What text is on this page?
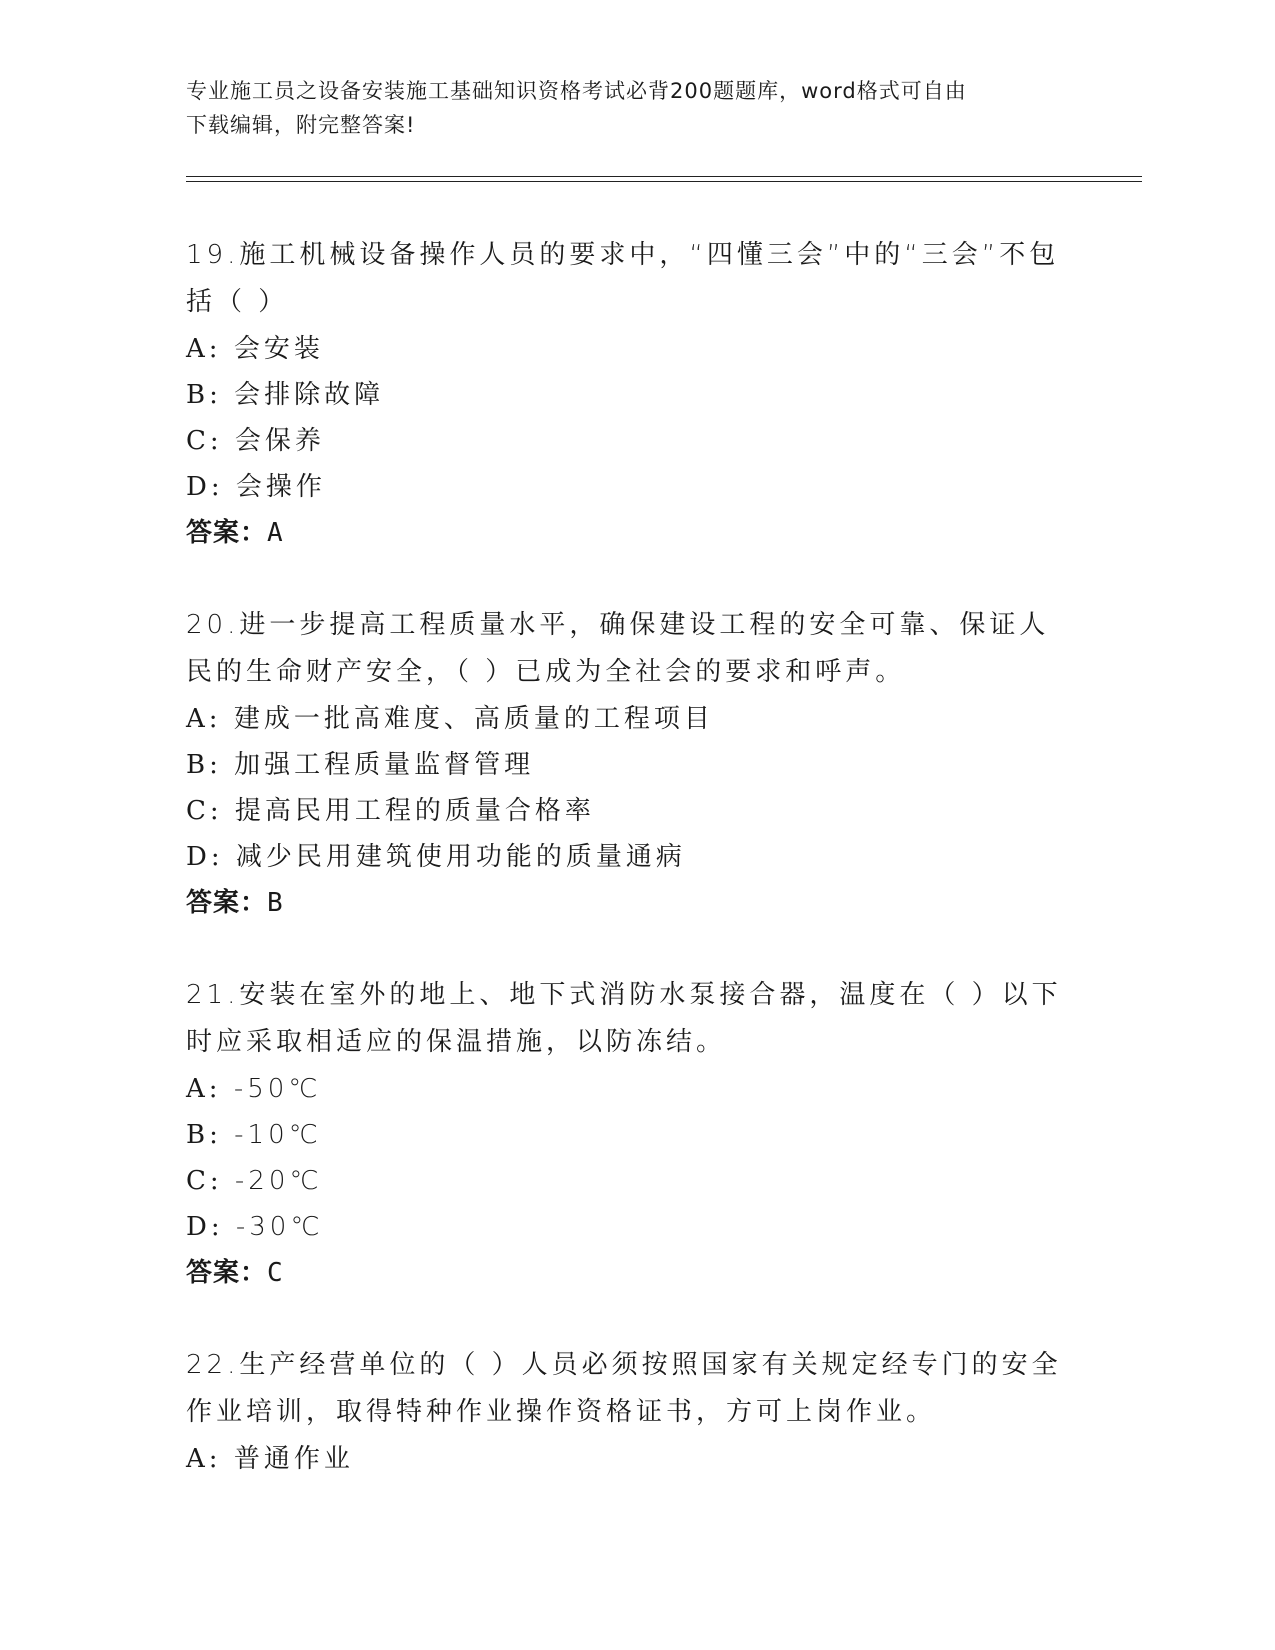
专业施工员之设备安装施工基础知识资格考试必背200题题库，word格式可自由
下载编辑，附完整答案!
19.施工机械设备操作人员的要求中，“四懂三会”中的“三会”不包括（ ）
A: 会安装
B: 会排除故障
C: 会保养
D: 会操作
答案：A
20.进一步提高工程质量水平，确保建设工程的安全可靠、保证人民的生命财产安全，（ ）已成为全社会的要求和呼声。
A: 建成一批高难度、高质量的工程项目
B: 加强工程质量监督管理
C: 提高民用工程的质量合格率
D: 减少民用建筑使用功能的质量通病
答案：B
21.安装在室外的地上、地下式消防水泵接合器，温度在（ ）以下时应采取相适应的保温措施，以防冻结。
A: -50℃
B: -10℃
C: -20℃
D: -30℃
答案：C
22.生产经营单位的（ ）人员必须按照国家有关规定经专门的安全作业培训，取得特种作业操作资格证书，方可上岗作业。
A: 普通作业
